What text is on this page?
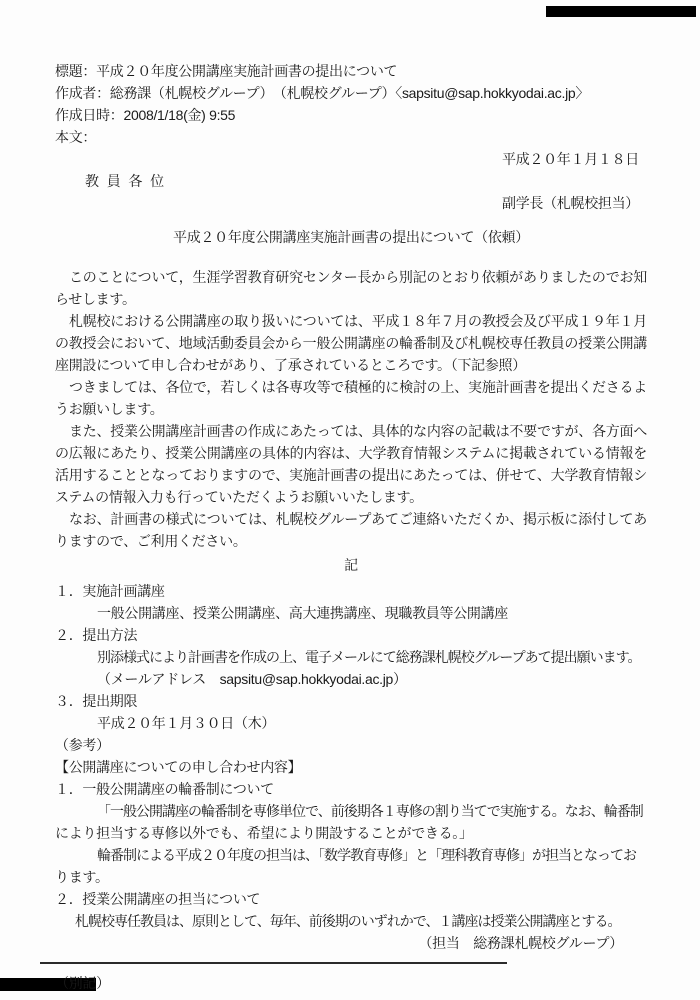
標題：平成２０年度公開講座実施計画書の提出について
作成者：総務課（札幌校グループ）　（札幌校グループ）〈sapsitu@sap.hokkyodai.ac.jp〉
作成日時：2008/1/18(金) 9:55
本文：
平成２０年１月１８日
教員各位
副学長（札幌校担当）
平成２０年度公開講座実施計画書の提出について（依頼）

このことについて，生涯学習教育研究センター長から別記のとおり依頼がありましたのでお知らせします。

札幌校における公開講座の取り扱いについては、平成１８年７月の教授会及び平成１９年１月の教授会において、地域活動委員会から一般公開講座の輪番制及び札幌校専任教員の授業公開講座開設について申し合わせがあり、了承されているところです。（下記参照）

つきましては、各位で，若しくは各専攻等で積極的に検討の上、実施計画書を提出くださるようお願いします。

また、授業公開講座計画書の作成にあたっては、具体的な内容の記載は不要ですが、各方面への広報にあたり、授業公開講座の具体的内容は、大学教育情報システムに掲載されている情報を活用することとなっておりますので、実施計画書の提出にあたっては、併せて、大学教育情報システムの情報入力も行っていただくようお願いいたします。

なお、計画書の様式については、札幌校グループあてご連絡いただくか、掲示板に添付してありますので、ご利用ください。

記
１．実施計画講座
一般公開講座、授業公開講座、高大連携講座、現職教員等公開講座
２．提出方法
別添様式により計画書を作成の上、電子メールにて総務課札幌校グループあて提出願います。
（メールアドレス　sapsitu@sap.hokkyodai.ac.jp）
３．提出期限
平成２０年１月３０日（木）
（参考）
【公開講座についての申し合わせ内容】
１．一般公開講座の輪番制について
「一般公開講座の輪番制を専修単位で、前後期各１専修の割り当てで実施する。なお、輪番制
により担当する専修以外でも、希望により開設することができる。」
輪番制による平成２０年度の担当は、「数学教育専修」と「理科教育専修」が担当となってお
ります。
２．授業公開講座の担当について
札幌校専任教員は、原則として、毎年、前後期のいずれかで、１講座は授業公開講座とする。
（担当　総務課札幌校グループ）
（別記）
